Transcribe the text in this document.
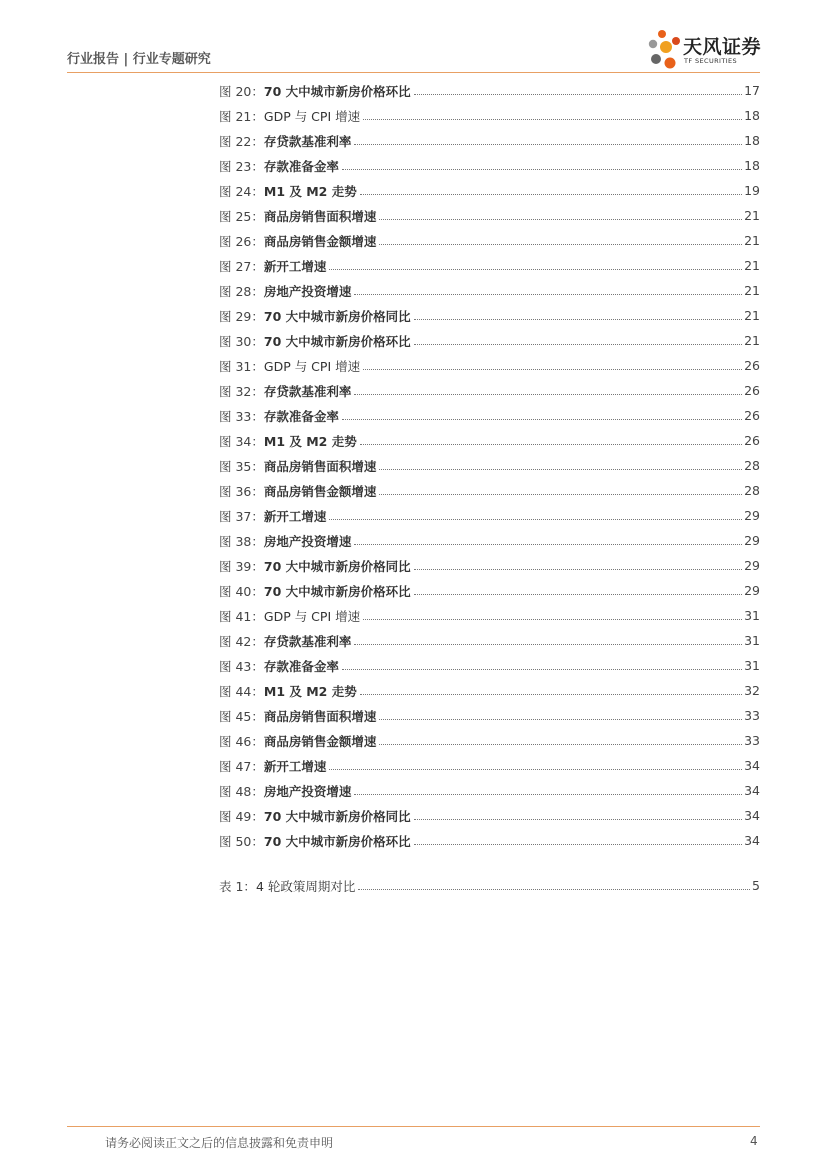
行业报告 | 行业专题研究
天风证券
TF SECURITIES
图 20： 70 大中城市新房价格环比	17
图 21： GDP 与 CPI 增速	18
图 22： 存贷款基准利率	18
图 23： 存款准备金率	18
图 24： M1 及 M2 走势	19
图 25： 商品房销售面积增速	21
图 26： 商品房销售金额增速	21
图 27： 新开工增速	21
图 28： 房地产投资增速	21
图 29： 70 大中城市新房价格同比	21
图 30： 70 大中城市新房价格环比	21
图 31： GDP 与 CPI 增速	26
图 32： 存贷款基准利率	26
图 33： 存款准备金率	26
图 34： M1 及 M2 走势	26
图 35： 商品房销售面积增速	28
图 36： 商品房销售金额增速	28
图 37： 新开工增速	29
图 38： 房地产投资增速	29
图 39： 70 大中城市新房价格同比	29
图 40： 70 大中城市新房价格环比	29
图 41： GDP 与 CPI 增速	31
图 42： 存贷款基准利率	31
图 43： 存款准备金率	31
图 44： M1 及 M2 走势	32
图 45： 商品房销售面积增速	33
图 46： 商品房销售金额增速	33
图 47： 新开工增速	34
图 48： 房地产投资增速	34
图 49： 70 大中城市新房价格同比	34
图 50： 70 大中城市新房价格环比	34
表 1： 4 轮政策周期对比	5
请务必阅读正文之后的信息披露和免责申明	4
